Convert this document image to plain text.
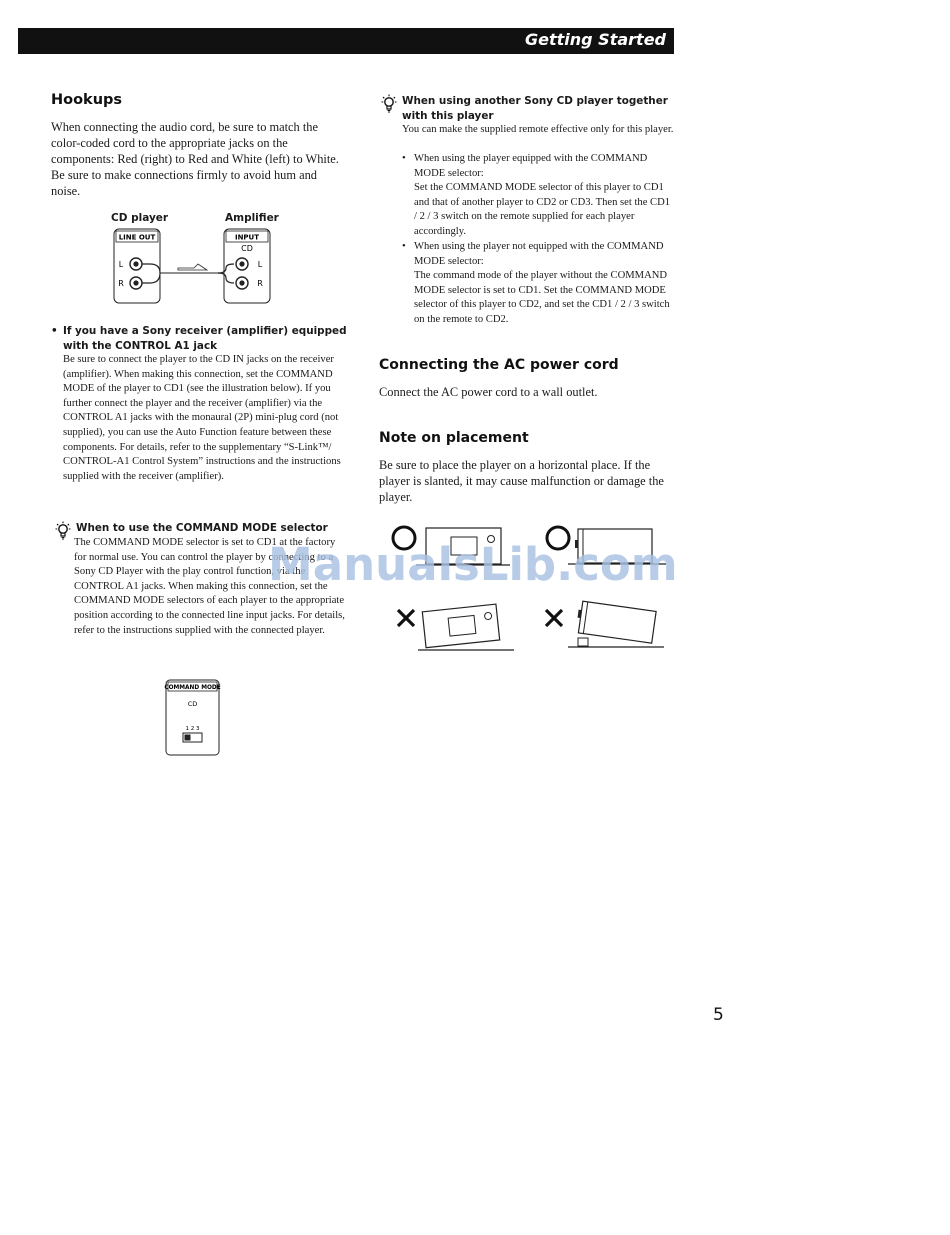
Getting Started
Hookups
When connecting the audio cord, be sure to match the color-coded cord to the appropriate jacks on the components: Red (right) to Red and White (left) to White. Be sure to make connections firmly to avoid hum and noise.
CD player	Amplifier
LINE OUT
L
R
INPUT
CD
L
R
• If you have a Sony receiver (amplifier) equipped with the CONTROL A1 jack
Be sure to connect the player to the CD IN jacks on the receiver (amplifier). When making this connection, set the COMMAND MODE of the player to CD1 (see the illustration below). If you further connect the player and the receiver (amplifier) via the CONTROL A1 jacks with the monaural (2P) mini-plug cord (not supplied), you can use the Auto Function feature between these components. For details, refer to the supplementary “S-Link™/ CONTROL-A1 Control System” instructions and the instructions supplied with the receiver (amplifier).
When to use the COMMAND MODE selector
The COMMAND MODE selector is set to CD1 at the factory for normal use. You can control the player by connecting to a Sony CD Player with the play control function, via the CONTROL A1 jacks. When making this connection, set the COMMAND MODE selectors of each player to the appropriate position according to the connected line input jacks. For details, refer to the instructions supplied with the connected player.
COMMAND MODE
CD
1 2 3
When using another Sony CD player together with this player
You can make the supplied remote effective only for this player.
• When using the player equipped with the COMMAND MODE selector:
Set the COMMAND MODE selector of this player to CD1 and that of another player to CD2 or CD3. Then set the CD1 / 2 / 3 switch on the remote supplied for each player accordingly.
• When using the player not equipped with the COMMAND MODE selector:
The command mode of the player without the COMMAND MODE selector is set to CD1. Set the COMMAND MODE selector of this player to CD2, and set the CD1 / 2 / 3 switch on the remote to CD2.
Connecting the AC power cord
Connect the AC power cord to a wall outlet.
Note on placement
Be sure to place the player on a horizontal place. If the player is slanted, it may cause malfunction or damage the player.
ManualsLib.com
5
